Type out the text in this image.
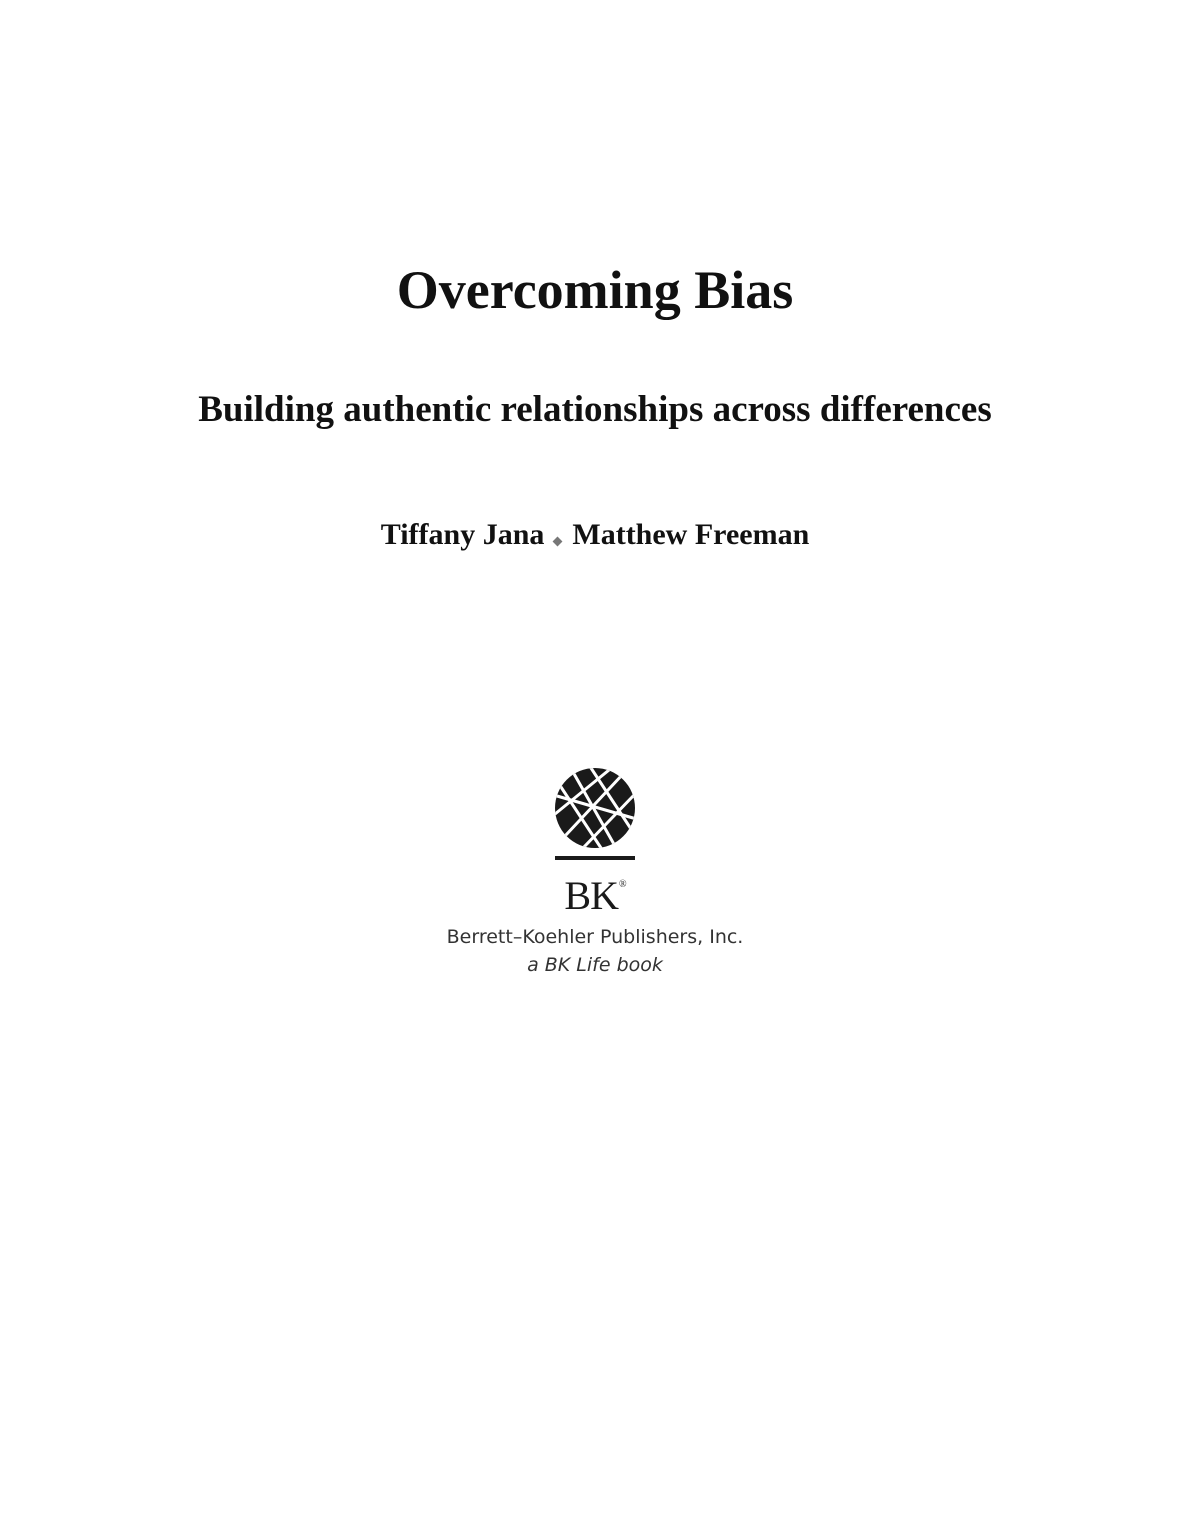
Overcoming Bias
Building authentic relationships across differences
Tiffany Jana Matthew Freeman
BK®
Berrett–Koehler Publishers, Inc.
a BK Life book
